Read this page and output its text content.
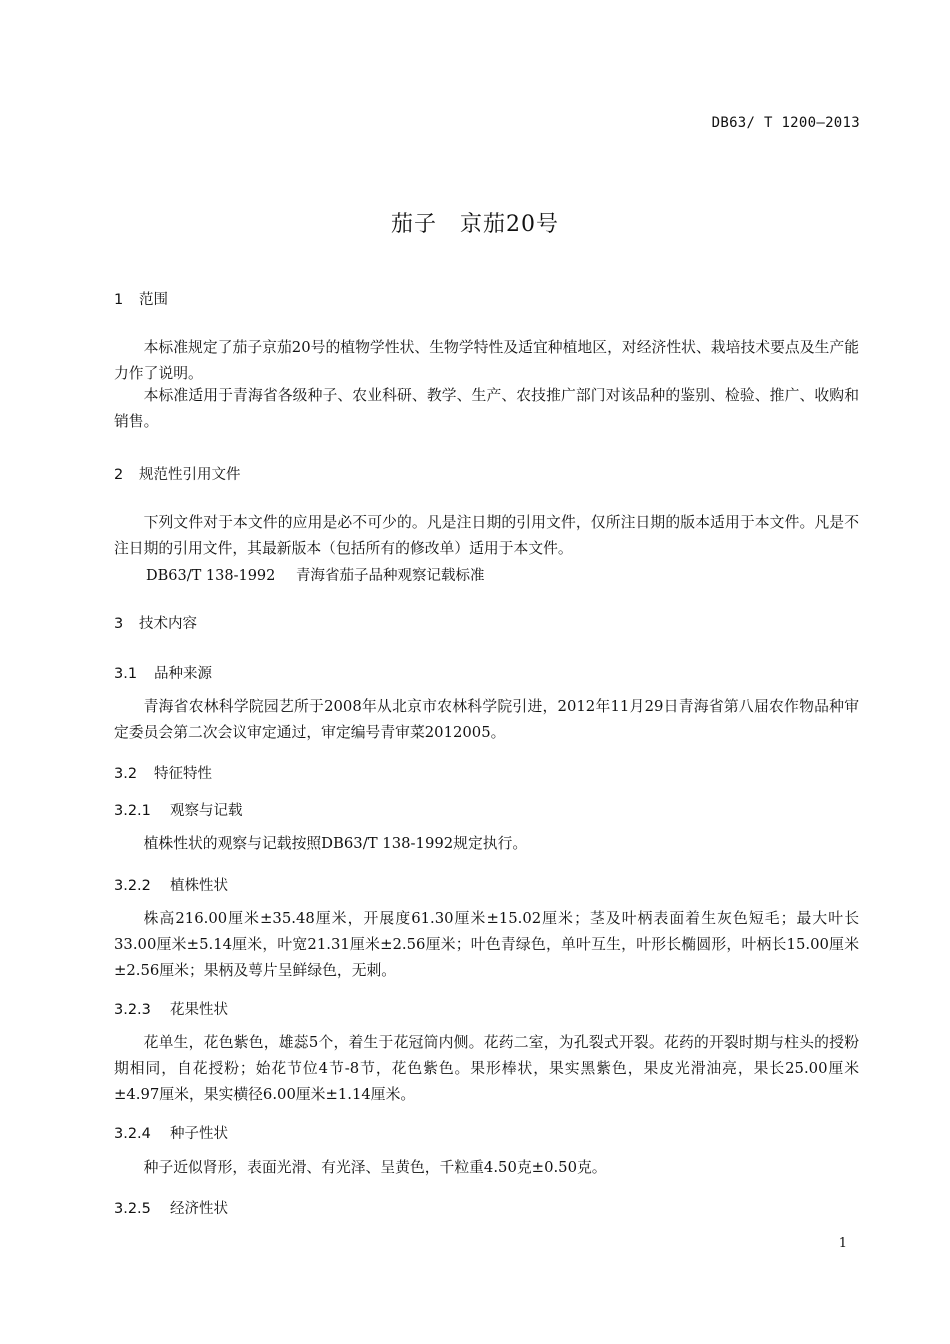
DB63/ T 1200—2013
茄子　京茄20号
1 范围

本标准规定了茄子京茄20号的植物学性状、生物学特性及适宜种植地区，对经济性状、栽培技术要点及生产能力作了说明。

本标准适用于青海省各级种子、农业科研、教学、生产、农技推广部门对该品种的鉴别、检验、推广、收购和销售。

2 规范性引用文件

下列文件对于本文件的应用是必不可少的。凡是注日期的引用文件，仅所注日期的版本适用于本文件。凡是不注日期的引用文件，其最新版本（包括所有的修改单）适用于本文件。

DB63/T 138-1992 青海省茄子品种观察记载标准
3 技术内容
3.1 品种来源

青海省农林科学院园艺所于2008年从北京市农林科学院引进，2012年11月29日青海省第八届农作物品种审定委员会第二次会议审定通过，审定编号青审菜2012005。

3.2 特征特性
3.2.1 观察与记载

植株性状的观察与记载按照DB63/T 138-1992规定执行。

3.2.2 植株性状

株高216.00厘米±35.48厘米，开展度61.30厘米±15.02厘米；茎及叶柄表面着生灰色短毛；最大叶长33.00厘米±5.14厘米，叶宽21.31厘米±2.56厘米；叶色青绿色，单叶互生，叶形长椭圆形，叶柄长15.00厘米±2.56厘米；果柄及萼片呈鲜绿色，无刺。

3.2.3 花果性状

花单生，花色紫色，雄蕊5个，着生于花冠筒内侧。花药二室，为孔裂式开裂。花药的开裂时期与柱头的授粉期相同，自花授粉；始花节位4节-8节，花色紫色。果形棒状，果实黑紫色，果皮光滑油亮，果长25.00厘米±4.97厘米，果实横径6.00厘米±1.14厘米。

3.2.4 种子性状

种子近似肾形，表面光滑、有光泽、呈黄色，千粒重4.50克±0.50克。

3.2.5 经济性状
1
